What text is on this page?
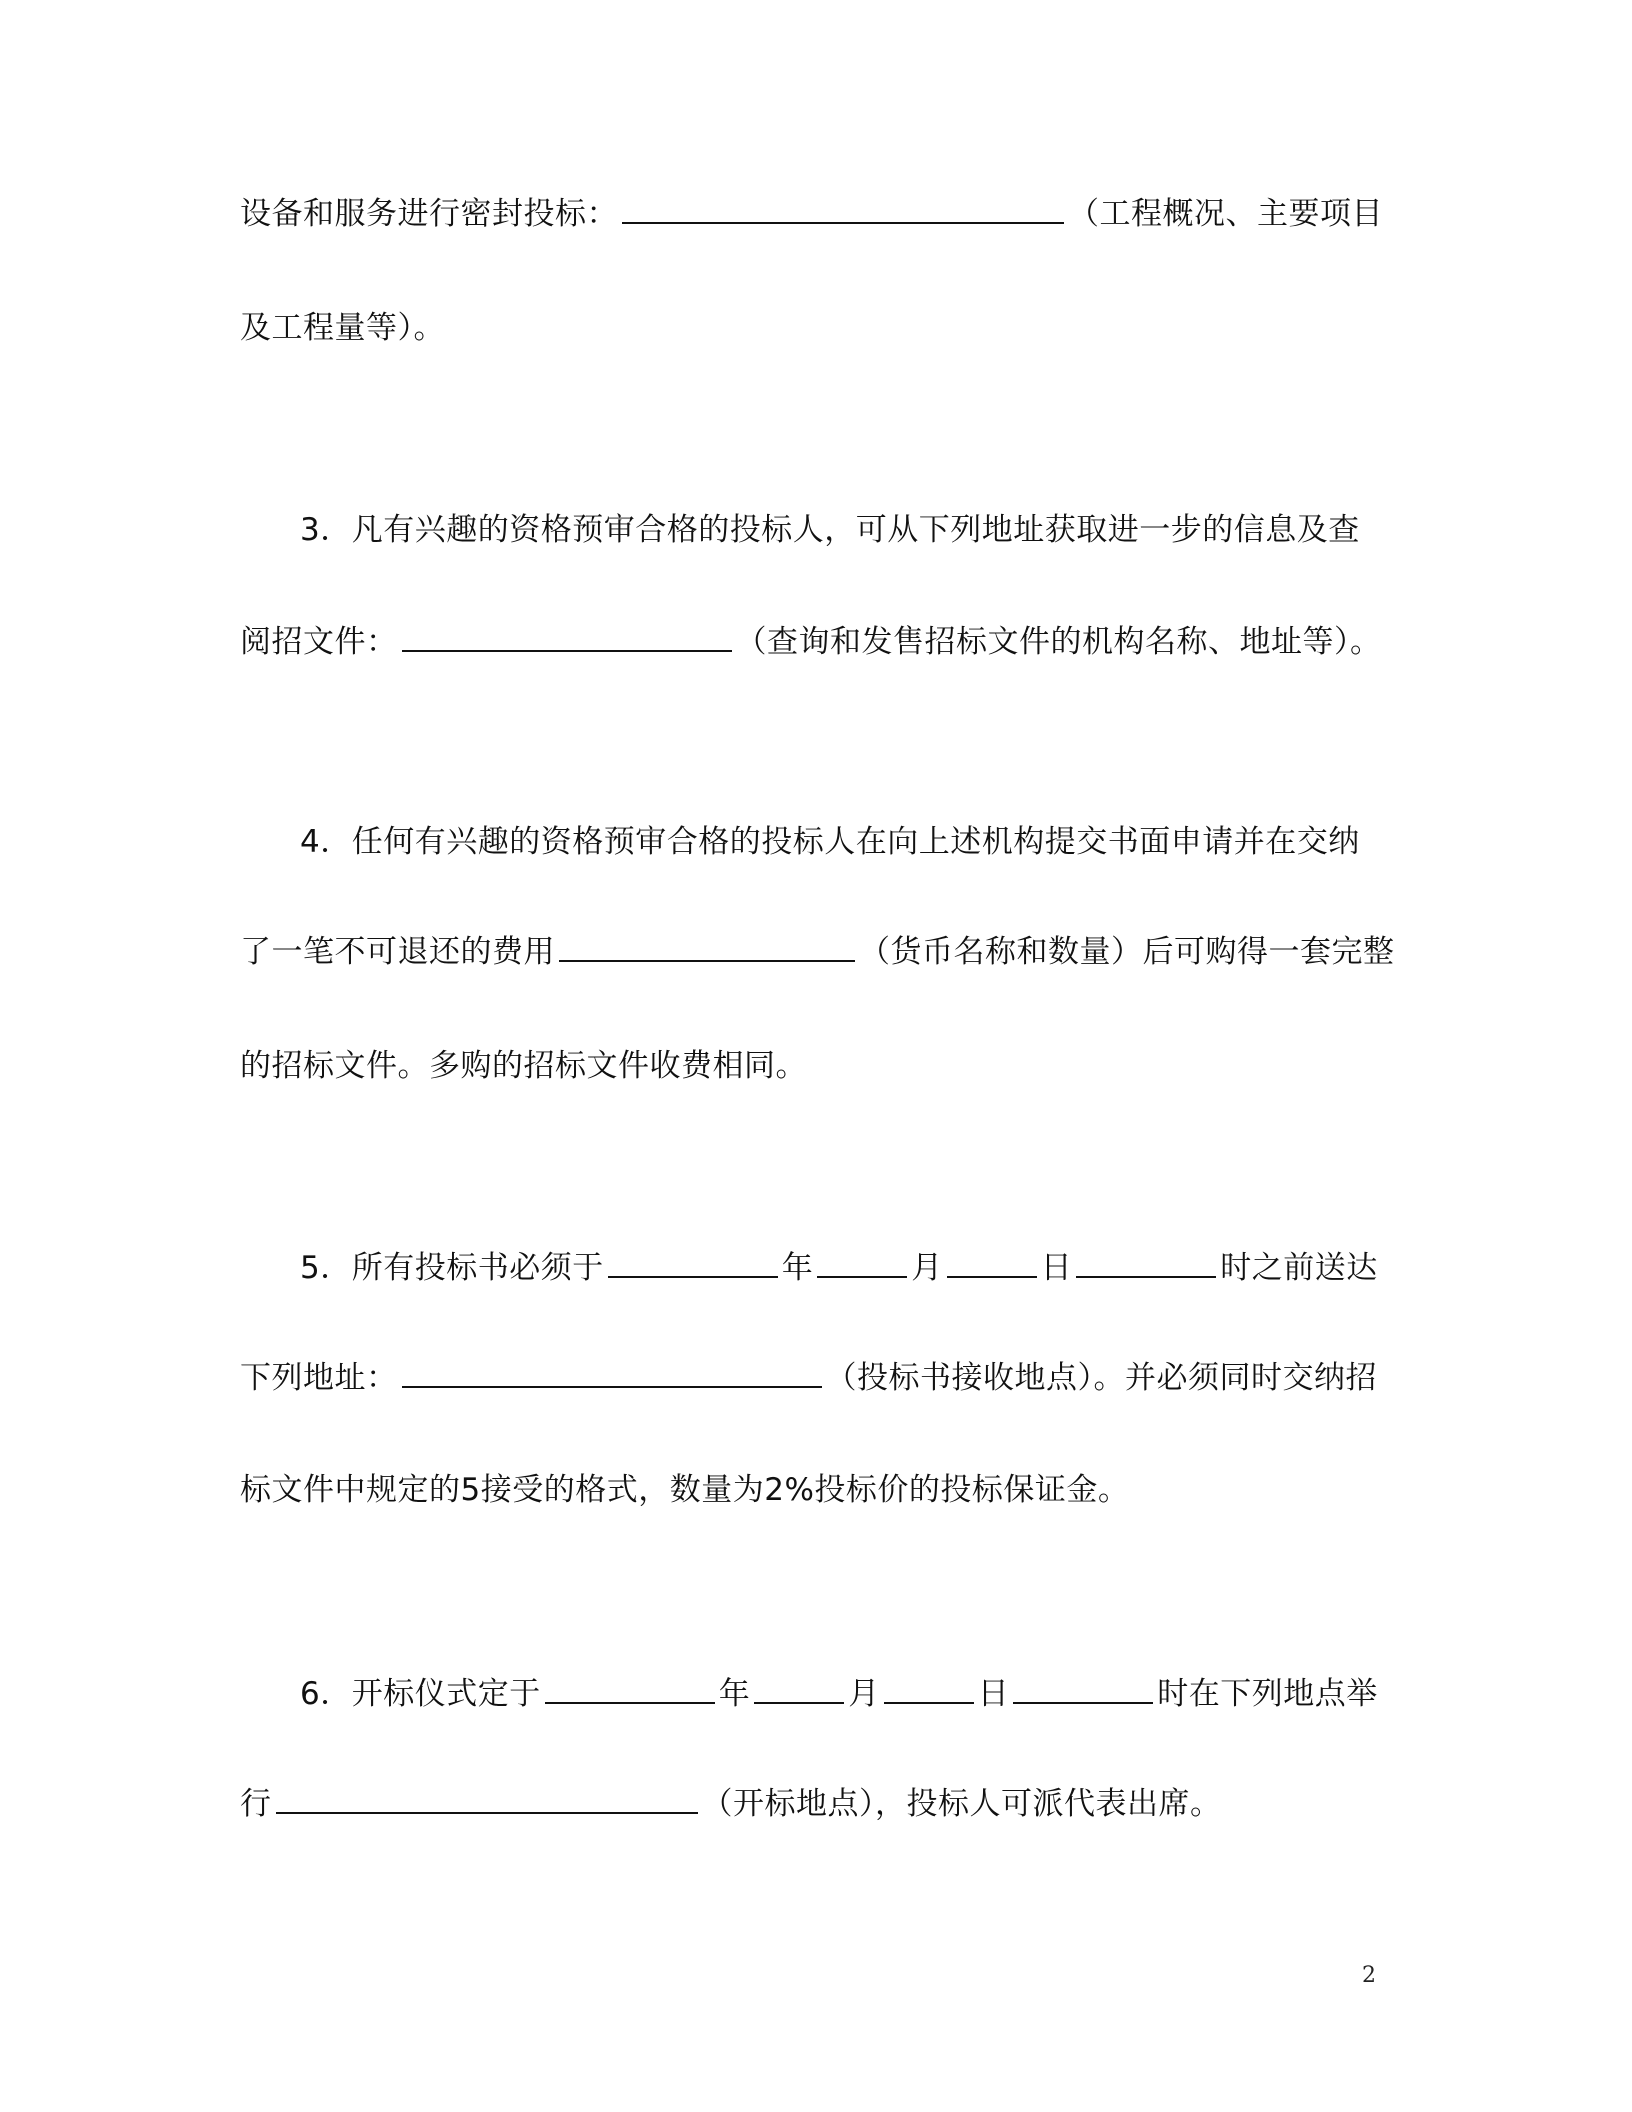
设备和服务进行密封投标：	（工程概况、主要项目
及工程量等）。
3．凡有兴趣的资格预审合格的投标人，可从下列地址获取进一步的信息及查
阅招文件：	（查询和发售招标文件的机构名称、地址等）。
4．任何有兴趣的资格预审合格的投标人在向上述机构提交书面申请并在交纳
了一笔不可退还的费用	（货币名称和数量）后可购得一套完整
的招标文件。多购的招标文件收费相同。
5．所有投标书必须于	年	月	日	时之前送达
下列地址：	（投标书接收地点）。并必须同时交纳招
标文件中规定的5接受的格式，数量为2%投标价的投标保证金。
6．开标仪式定于	年	月	日	时在下列地点举
行	（开标地点），投标人可派代表出席。
2
